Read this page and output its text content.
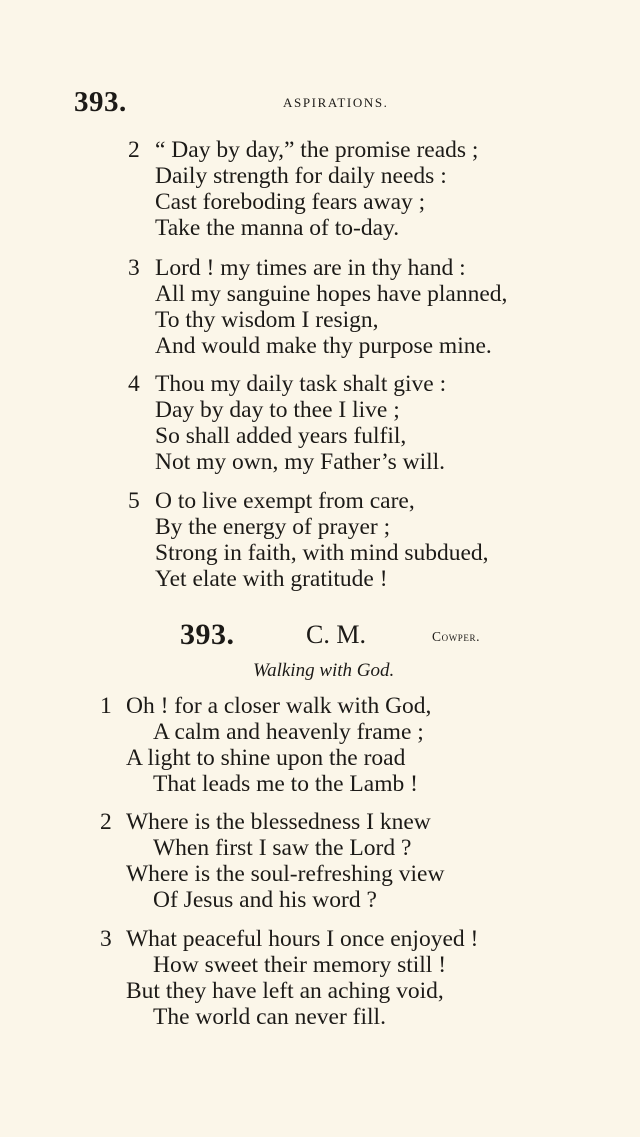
393.	ASPIRATIONS.
2 “ Day by day,” the promise reads ;
Daily strength for daily needs :
Cast foreboding fears away ;
Take the manna of to-day.
3 Lord ! my times are in thy hand :
All my sanguine hopes have planned,
To thy wisdom I resign,
And would make thy purpose mine.
4 Thou my daily task shalt give :
Day by day to thee I live ;
So shall added years fulfil,
Not my own, my Father’s will.
5 O to live exempt from care,
By the energy of prayer ;
Strong in faith, with mind subdued,
Yet elate with gratitude !
393.	C. M.	Cowper.
Walking with God.
1 Oh ! for a closer walk with God,
A calm and heavenly frame ;
A light to shine upon the road
That leads me to the Lamb !
2 Where is the blessedness I knew
When first I saw the Lord ?
Where is the soul-refreshing view
Of Jesus and his word ?
3 What peaceful hours I once enjoyed !
How sweet their memory still !
But they have left an aching void,
The world can never fill.
